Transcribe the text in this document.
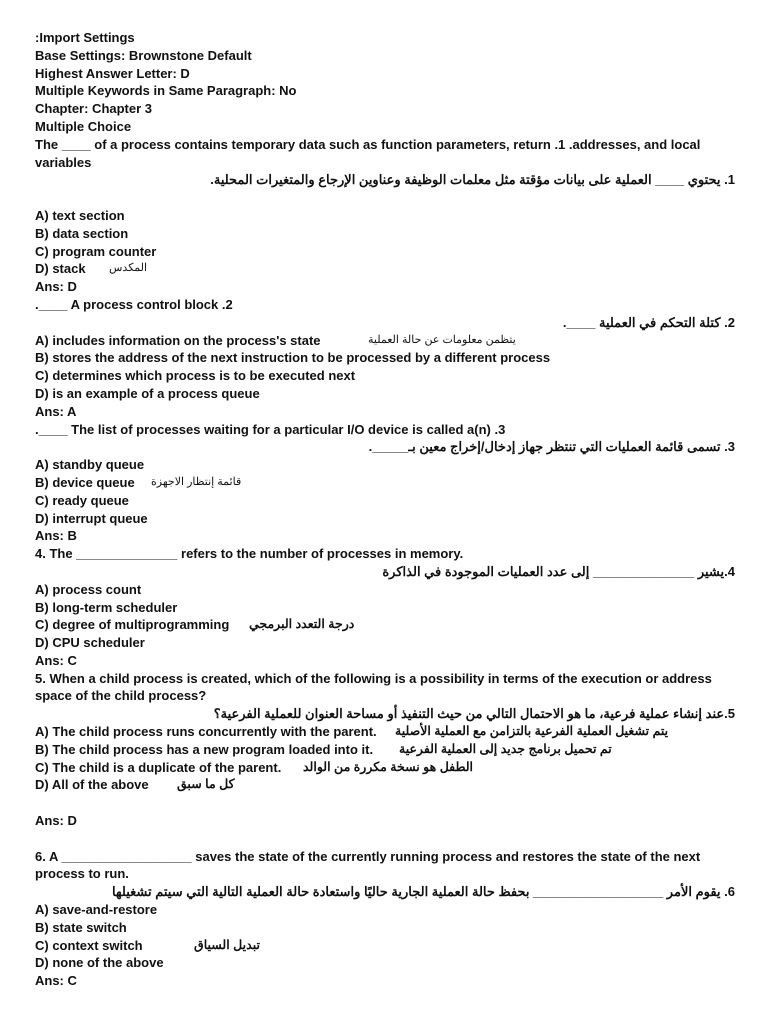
:Import Settings
Base Settings: Brownstone Default
Highest Answer Letter: D
Multiple Keywords in Same Paragraph: No
Chapter: Chapter 3
Multiple Choice
The ____ of a process contains temporary data such as function parameters, return .1 .addresses, and local variables
1. يحتوي ____ العملية على بيانات مؤقتة مثل معلمات الوظيفة وعناوين الإرجاع والمتغيرات المحلية.
A) text section
B) data section
C) program counter
D) stack المكدس
Ans: D
.____ A process control block .2
2. كتلة التحكم في العملية ____.
A) includes information on the process's state	يتظمن معلومات عن حالة العملية
B) stores the address of the next instruction to be processed by a different process
C) determines which process is to be executed next
D) is an example of a process queue
Ans: A
.____ The list of processes waiting for a particular I/O device is called a(n) .3
3. تسمى قائمة العمليات التي تنتظر جهاز إدخال/إخراج معين بـ_____.
A) standby queue
B) device queue قائمة إنتظار الاجهزة
C) ready queue
D) interrupt queue
Ans: B
4. The ______________ refers to the number of processes in memory.
4.يشير ______________ إلى عدد العمليات الموجودة في الذاكرة
A) process count
B) long-term scheduler
C) degree of multiprogramming درجة التعدد البرمجي
D) CPU scheduler
Ans: C
5. When a child process is created, which of the following is a possibility in terms of the execution or address space of the child process?
5.عند إنشاء عملية فرعية، ما هو الاحتمال التالي من حيث التنفيذ أو مساحة العنوان للعملية الفرعية؟
A) The child process runs concurrently with the parent. يتم تشغيل العملية الفرعية بالتزامن مع العملية الأصلية
B) The child process has a new program loaded into it. تم تحميل برنامج جديد إلى العملية الفرعية
C) The child is a duplicate of the parent. الطفل هو نسخة مكررة من الوالد
D) All of the above كل ما سبق
Ans: D
6. A __________________ saves the state of the currently running process and restores the state of the next process to run.
6. يقوم الأمر __________________ بحفظ حالة العملية الجارية حاليًا واستعادة حالة العملية التالية التي سيتم تشغيلها
A) save-and-restore
B) state switch
C) context switch	تبديل السياق
D) none of the above
Ans: C
